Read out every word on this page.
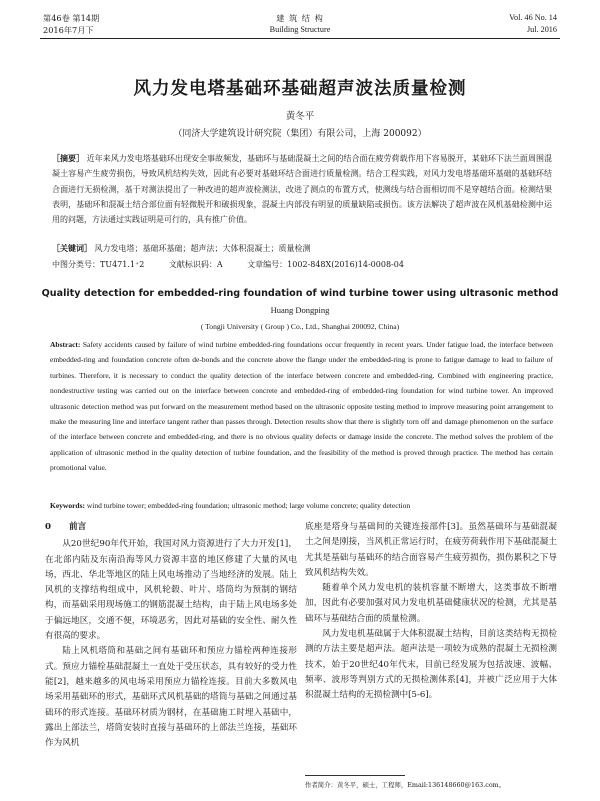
第46卷 第14期
2016年7月下
建 筑 结 构
Building Structure
Vol. 46 No. 14
Jul. 2016
风力发电塔基础环基础超声波法质量检测
黄冬平
（同济大学建筑设计研究院（集团）有限公司，上海 200092）
［摘要］ 近年来风力发电塔基础环出现安全事故频发，基础环与基础混凝土之间的结合面在疲劳荷载作用下容易脱开，某础环下法兰面周围混凝土容易产生疲劳损伤，导致风机结构失效，因此有必要对基础环结合面进行质量检测。结合工程实践，对风力发电塔基础环基础的基础环结合面进行无损检测，基于对测法提出了一种改进的超声波检测法，改进了测点的布置方式，使测线与结合面相切而不是穿越结合面。检测结果表明，基础环和混凝土结合部位面有轻微脱开和破损现象，混凝土内部没有明显的质量缺陷或损伤。该方法解决了超声波在风机基础检测中运用的问题，方法通过实践证明是可行的，具有推广价值。
［关键词］ 风力发电塔；基础环基础；超声法；大体积混凝土；质量检测
中图分类号：TU471.1⁺2	文献标识码：A	文章编号：1002-848X(2016)14-0008-04
Quality detection for embedded-ring foundation of wind turbine tower using ultrasonic method
Huang Dongping
( Tongji University ( Group ) Co., Ltd., Shanghai 200092, China)
Abstract: Safety accidents caused by failure of wind turbine embedded-ring foundations occur frequently in recent years. Under fatigue load, the interface between embedded-ring and foundation concrete often de-bonds and the concrete above the flange under the embedded-ring is prone to fatigue damage to lead to failure of turbines. Therefore, it is necessary to conduct the quality detection of the interface between concrete and embedded-ring. Combined with engineering practice, nondestructive testing was carried out on the interface between concrete and embedded-ring of embedded-ring foundation for wind turbine tower. An improved ultrasonic detection method was put forward on the measurement method based on the ultrasonic opposite testing method to improve measuring point arrangement to make the measuring line and interface tangent rather than passes through. Detection results show that there is slightly torn off and damage phenomenon on the surface of the interface between concrete and embedded-ring, and there is no obvious quality defects or damage inside the concrete. The method solves the problem of the application of ultrasonic method in the quality detection of turbine foundation, and the feasibility of the method is proved through practice. The method has certain promotional value.
Keywords: wind turbine tower; embedded-ring foundation; ultrasonic method; large volume concrete; quality detection

0 前言

从20世纪90年代开始，我国对风力资源进行了大力开发[1]，在北部内陆及东南沿海等风力资源丰富的地区修建了大量的风电场，西北、华北等地区的陆上风电场推动了当地经济的发展。陆上风机的支撑结构组成中，风机轮毂、叶片、塔筒均为预制的钢结构，而基础采用现场施工的钢筋混凝土结构，由于陆上风电场多处于偏远地区，交通不便，环境恶劣，因此对基础的安全性、耐久性有很高的要求。

陆上风机塔筒和基础之间有基础环和预应力锚栓两种连接形式。预应力锚栓基础混凝土一直处于受压状态，具有较好的受力性能[2]，越来越多的风电场采用预应力锚栓连接。目前大多数风电场采用基础环的形式，基础环式风机基础的塔筒与基础之间通过基础环的形式连接。基础环材质为钢材，在基础施工时埋入基础中，露出上部法兰，塔筒安装时直接与基础环的上部法兰连接，基础环作为风机

底座是塔身与基础间的关键连接部件[3]。虽然基础环与基础混凝土之间是刚接，当风机正常运行时，在疲劳荷载作用下基础混凝土尤其是基础与基础环的结合面容易产生疲劳损伤，损伤累积之下导致风机结构失效。

随着单个风力发电机的装机容量不断增大，这类事故不断增加，因此有必要加强对风力发电机基础健康状况的检测，尤其是基础环与基础结合面的质量检测。

风力发电机基础属于大体积混凝土结构，目前这类结构无损检测的方法主要是超声法。超声法是一项较为成熟的混凝土无损检测技术，始于20世纪40年代末，目前已经发展为包括波速、波幅、频率、波形等判别方式的无损检测体系[4]，并被广泛应用于大体积混凝土结构的无损检测中[5-6]。

作者简介：黄冬平，硕士，工程师，Email:136148660@163.com。
